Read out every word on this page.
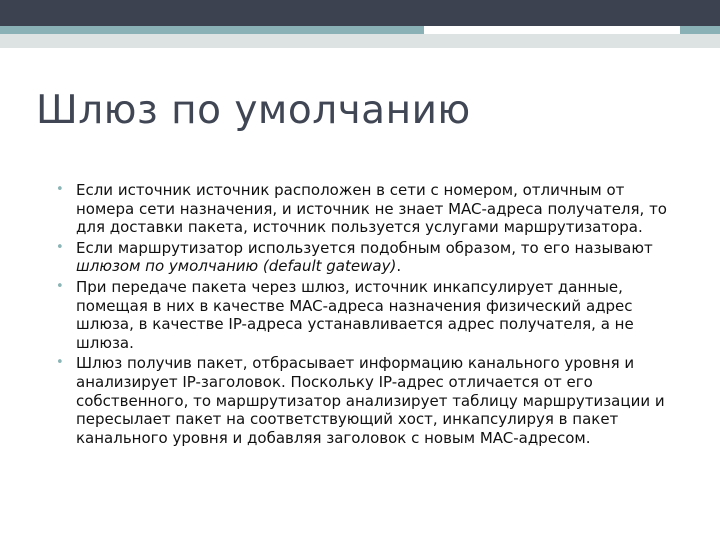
Шлюз по умолчанию
• Если источник источник расположен в сети с номером, отличным от номера сети назначения, и источник не знает MAC-адреса получателя, то для доставки пакета, источник пользуется услугами маршрутизатора.
• Если маршрутизатор используется подобным образом, то его называют шлюзом по умолчанию (default gateway).
• При передаче пакета через шлюз, источник инкапсулирует данные, помещая в них в качестве MAC-адреса назначения физический адрес шлюза, в качестве IP-адреса устанавливается адрес получателя, а не шлюза.
• Шлюз получив пакет, отбрасывает информацию канального уровня и анализирует IP-заголовок. Поскольку IP-адрес отличается от его собственного, то маршрутизатор анализирует таблицу маршрутизации и пересылает пакет на соответствующий хост, инкапсулируя в пакет канального уровня и добавляя заголовок с новым MAC-адресом.
